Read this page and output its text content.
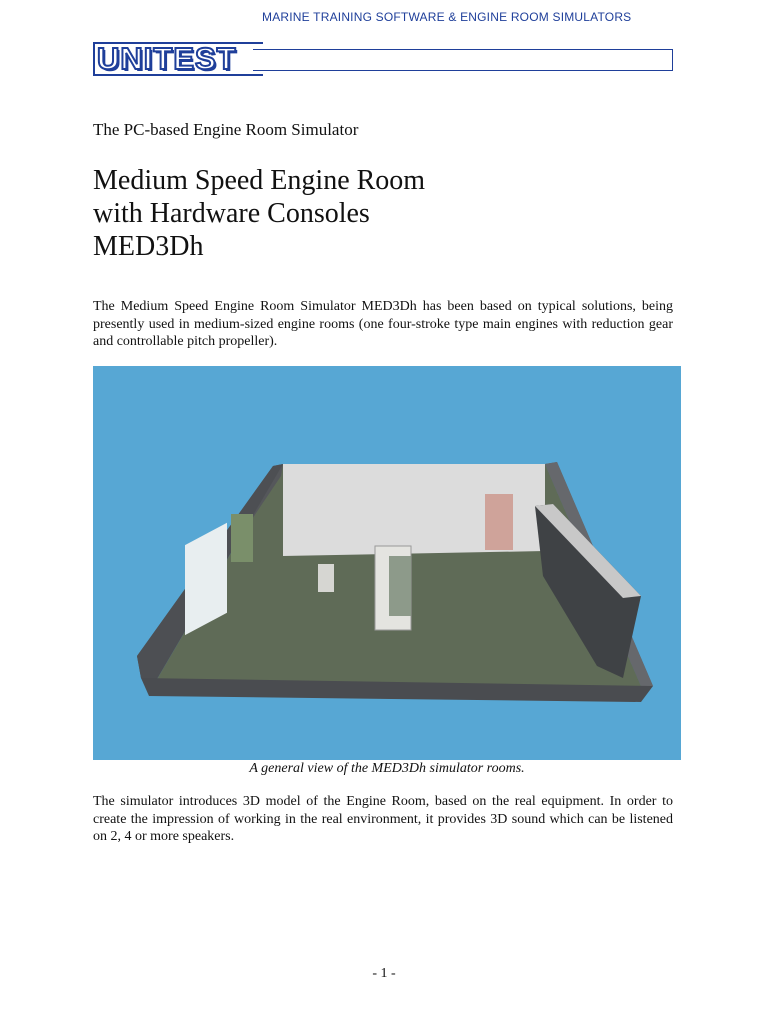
UNITEST
MARINE TRAINING SOFTWARE & ENGINE ROOM SIMULATORS
The PC-based Engine Room Simulator
Medium Speed Engine Room
with Hardware Consoles
MED3Dh
The Medium Speed Engine Room Simulator MED3Dh has been based on typical solutions, being presently used in medium-sized engine rooms (one four-stroke type main engines with reduction gear and controllable pitch propeller).
A general view of the MED3Dh simulator rooms.
The simulator introduces 3D model of the Engine Room, based on the real equipment. In order to create the impression of working in the real environment, it provides 3D sound which can be listened on 2, 4 or more speakers.
- 1 -
